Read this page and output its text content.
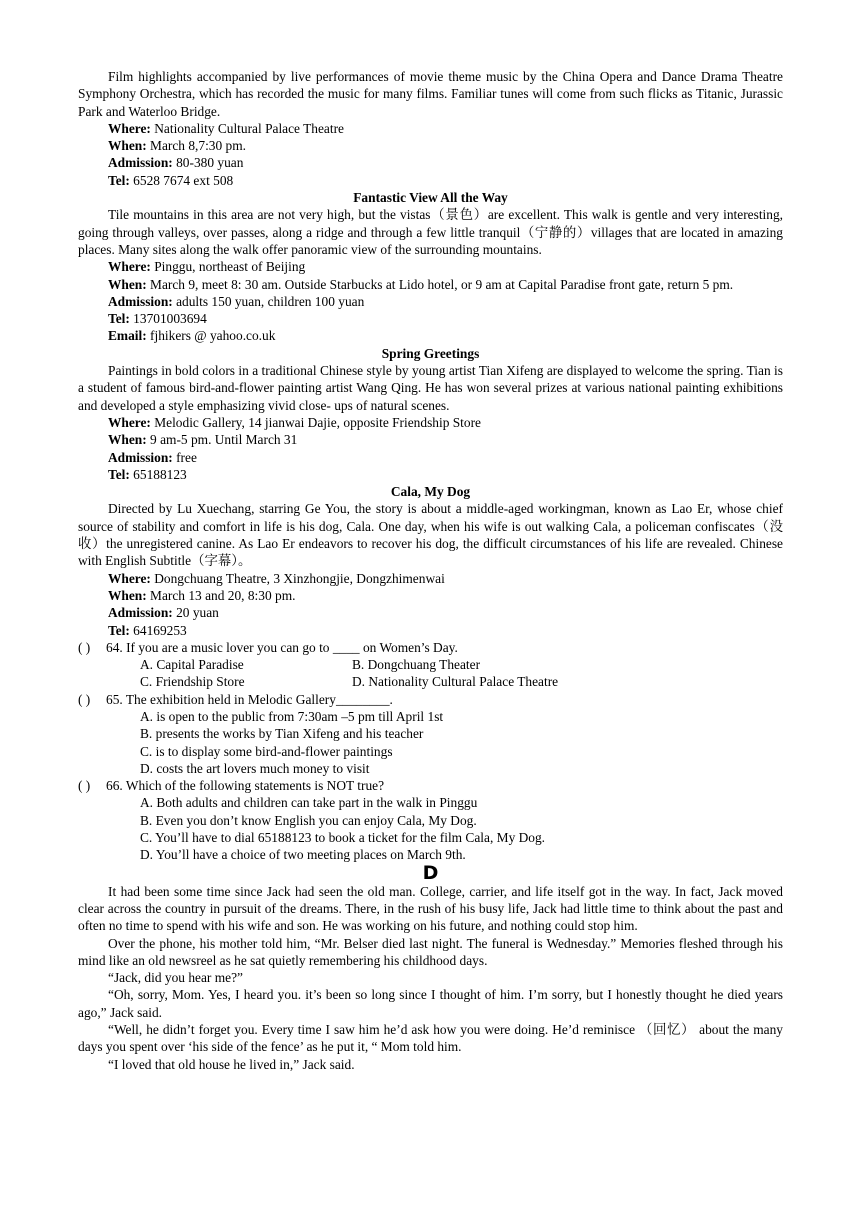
Film highlights accompanied by live performances of movie theme music by the China Opera and Dance Drama Theatre Symphony Orchestra, which has recorded the music for many films. Familiar tunes will come from such flicks as Titanic, Jurassic Park and Waterloo Bridge.

Where: Nationality Cultural Palace Theatre

When: March 8,7:30 pm.

Admission: 80-380 yuan

Tel: 6528 7674 ext 508

Fantastic View All the Way

Tile mountains in this area are not very high, but the vistas（景色）are excellent. This walk is gentle and very interesting, going through valleys, over passes, along a ridge and through a few little tranquil（宁静的）villages that are located in amazing places. Many sites along the walk offer panoramic view of the surrounding mountains.

Where: Pinggu, northeast of Beijing

When: March 9, meet 8: 30 am. Outside Starbucks at Lido hotel, or 9 am at Capital Paradise front gate, return 5 pm.

Admission: adults 150 yuan, children 100 yuan

Tel: 13701003694

Email: fjhikers @ yahoo.co.uk

Spring Greetings

Paintings in bold colors in a traditional Chinese style by young artist Tian Xifeng are displayed to welcome the spring. Tian is a student of famous bird-and-flower painting artist Wang Qing. He has won several prizes at various national painting exhibitions and developed a style emphasizing vivid close- ups of natural scenes.

Where: Melodic Gallery, 14 jianwai Dajie, opposite Friendship Store

When: 9 am-5 pm. Until March 31

Admission: free

Tel: 65188123

Cala, My Dog

Directed by Lu Xuechang, starring Ge You, the story is about a middle-aged workingman, known as Lao Er, whose chief source of stability and comfort in life is his dog, Cala. One day, when his wife is out walking Cala, a policeman confiscates（没收）the unregistered canine. As Lao Er endeavors to recover his dog, the difficult circumstances of his life are revealed. Chinese with English Subtitle（字幕）。

Where: Dongchuang Theatre, 3 Xinzhongjie, Dongzhimenwai

When: March 13 and 20, 8:30 pm.

Admission: 20 yuan

Tel: 64169253

( ) 64. If you are a music lover you can go to ____ on Women’s Day.

A. Capital Paradise	B. Dongchuang Theater
C. Friendship Store	D. Nationality Cultural Palace Theatre

( ) 65. The exhibition held in Melodic Gallery________.

A. is open to the public from 7:30am –5 pm till April 1st

B. presents the works by Tian Xifeng and his teacher

C. is to display some bird-and-flower paintings

D. costs the art lovers much money to visit

( ) 66. Which of the following statements is NOT true?

A. Both adults and children can take part in the walk in Pinggu

B. Even you don’t know English you can enjoy Cala, My Dog.

C. You’ll have to dial 65188123 to book a ticket for the film Cala, My Dog.

D. You’ll have a choice of two meeting places on March 9th.

D

It had been some time since Jack had seen the old man. College, carrier, and life itself got in the way. In fact, Jack moved clear across the country in pursuit of the dreams. There, in the rush of his busy life, Jack had little time to think about the past and often no time to spend with his wife and son. He was working on his future, and nothing could stop him.

Over the phone, his mother told him, “Mr. Belser died last night. The funeral is Wednesday.” Memories fleshed through his mind like an old newsreel as he sat quietly remembering his childhood days.

“Jack, did you hear me?”

“Oh, sorry, Mom. Yes, I heard you. it’s been so long since I thought of him. I’m sorry, but I honestly thought he died years ago,” Jack said.

“Well, he didn’t forget you. Every time I saw him he’d ask how you were doing. He’d reminisce （回忆） about the many days you spent over ‘his side of the fence’ as he put it, “ Mom told him.

“I loved that old house he lived in,” Jack said.
